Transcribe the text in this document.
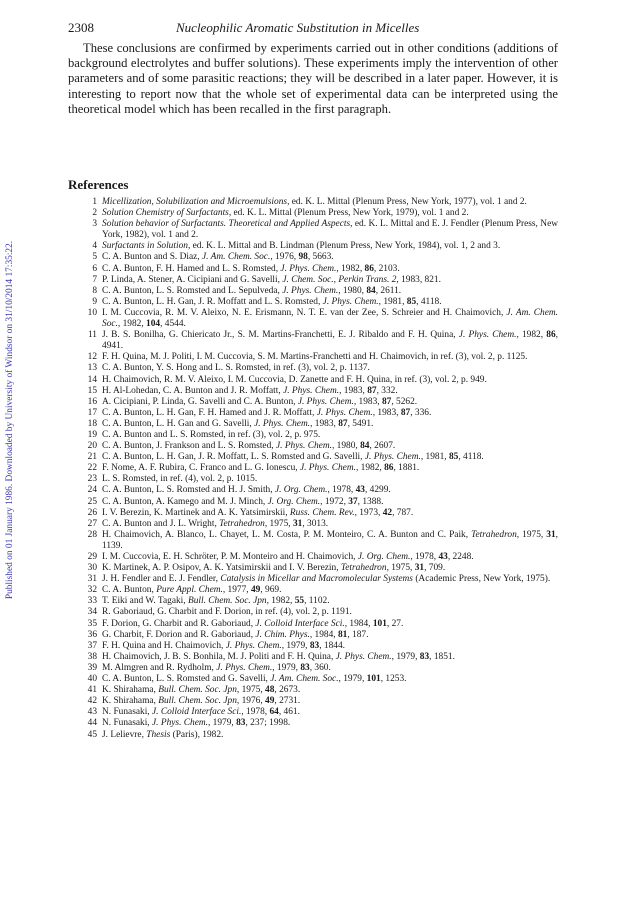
Published on 01 January 1986. Downloaded by University of Windsor on 31/10/2014 17:35:22.
2308	Nucleophilic Aromatic Substitution in Micelles

These conclusions are confirmed by experiments carried out in other conditions (additions of background electrolytes and buffer solutions). These experiments imply the intervention of other parameters and of some parasitic reactions; they will be described in a later paper. However, it is interesting to report now that the whole set of experimental data can be interpreted using the theoretical model which has been recalled in the first paragraph.

References
1 Micellization, Solubilization and Microemulsions, ed. K. L. Mittal (Plenum Press, New York, 1977), vol. 1 and 2.
2 Solution Chemistry of Surfactants, ed. K. L. Mittal (Plenum Press, New York, 1979), vol. 1 and 2.
3 Solution behavior of Surfactants. Theoretical and Applied Aspects, ed. K. L. Mittal and E. J. Fendler (Plenum Press, New York, 1982), vol. 1 and 2.
4 Surfactants in Solution, ed. K. L. Mittal and B. Lindman (Plenum Press, New York, 1984), vol. 1, 2 and 3.
5 C. A. Bunton and S. Diaz, J. Am. Chem. Soc., 1976, 98, 5663.
6 C. A. Bunton, F. H. Hamed and L. S. Romsted, J. Phys. Chem., 1982, 86, 2103.
7 P. Linda, A. Stener, A. Cicipiani and G. Savelli, J. Chem. Soc., Perkin Trans. 2, 1983, 821.
8 C. A. Bunton, L. S. Romsted and L. Sepulveda, J. Phys. Chem., 1980, 84, 2611.
9 C. A. Bunton, L. H. Gan, J. R. Moffatt and L. S. Romsted, J. Phys. Chem., 1981, 85, 4118.
10 I. M. Cuccovia, R. M. V. Aleixo, N. E. Erismann, N. T. E. van der Zee, S. Schreier and H. Chaimovich, J. Am. Chem. Soc., 1982, 104, 4544.
11 J. B. S. Bonilha, G. Chiericato Jr., S. M. Martins-Franchetti, E. J. Ribaldo and F. H. Quina, J. Phys. Chem., 1982, 86, 4941.
12 F. H. Quina, M. J. Politi, I. M. Cuccovia, S. M. Martins-Franchetti and H. Chaimovich, in ref. (3), vol. 2, p. 1125.
13 C. A. Bunton, Y. S. Hong and L. S. Romsted, in ref. (3), vol. 2, p. 1137.
14 H. Chaimovich, R. M. V. Aleixo, I. M. Cuccovia, D. Zanette and F. H. Quina, in ref. (3), vol. 2, p. 949.
15 H. Al-Lohedan, C. A. Bunton and J. R. Moffatt, J. Phys. Chem., 1983, 87, 332.
16 A. Cicipiani, P. Linda, G. Savelli and C. A. Bunton, J. Phys. Chem., 1983, 87, 5262.
17 C. A. Bunton, L. H. Gan, F. H. Hamed and J. R. Moffatt, J. Phys. Chem., 1983, 87, 336.
18 C. A. Bunton, L. H. Gan and G. Savelli, J. Phys. Chem., 1983, 87, 5491.
19 C. A. Bunton and L. S. Romsted, in ref. (3), vol. 2, p. 975.
20 C. A. Bunton, J. Frankson and L. S. Romsted, J. Phys. Chem., 1980, 84, 2607.
21 C. A. Bunton, L. H. Gan, J. R. Moffatt, L. S. Romsted and G. Savelli, J. Phys. Chem., 1981, 85, 4118.
22 F. Nome, A. F. Rubira, C. Franco and L. G. Ionescu, J. Phys. Chem., 1982, 86, 1881.
23 L. S. Romsted, in ref. (4), vol. 2, p. 1015.
24 C. A. Bunton, L. S. Romsted and H. J. Smith, J. Org. Chem., 1978, 43, 4299.
25 C. A. Bunton, A. Kamego and M. J. Minch, J. Org. Chem., 1972, 37, 1388.
26 I. V. Berezin, K. Martinek and A. K. Yatsimirskii, Russ. Chem. Rev., 1973, 42, 787.
27 C. A. Bunton and J. L. Wright, Tetrahedron, 1975, 31, 3013.
28 H. Chaimovich, A. Blanco, L. Chayet, L. M. Costa, P. M. Monteiro, C. A. Bunton and C. Paik, Tetrahedron, 1975, 31, 1139.
29 I. M. Cuccovia, E. H. Schröter, P. M. Monteiro and H. Chaimovich, J. Org. Chem., 1978, 43, 2248.
30 K. Martinek, A. P. Osipov, A. K. Yatsimirskii and I. V. Berezin, Tetrahedron, 1975, 31, 709.
31 J. H. Fendler and E. J. Fendler, Catalysis in Micellar and Macromolecular Systems (Academic Press, New York, 1975).
32 C. A. Bunton, Pure Appl. Chem., 1977, 49, 969.
33 T. Eiki and W. Tagaki, Bull. Chem. Soc. Jpn, 1982, 55, 1102.
34 R. Gaboriaud, G. Charbit and F. Dorion, in ref. (4), vol. 2, p. 1191.
35 F. Dorion, G. Charbit and R. Gaboriaud, J. Colloid Interface Sci., 1984, 101, 27.
36 G. Charbit, F. Dorion and R. Gaboriaud, J. Chim. Phys., 1984, 81, 187.
37 F. H. Quina and H. Chaimovich, J. Phys. Chem., 1979, 83, 1844.
38 H. Chaimovich, J. B. S. Bonhila, M. J. Politi and F. H. Quina, J. Phys. Chem., 1979, 83, 1851.
39 M. Almgren and R. Rydholm, J. Phys. Chem., 1979, 83, 360.
40 C. A. Bunton, L. S. Romsted and G. Savelli, J. Am. Chem. Soc., 1979, 101, 1253.
41 K. Shirahama, Bull. Chem. Soc. Jpn, 1975, 48, 2673.
42 K. Shirahama, Bull. Chem. Soc. Jpn, 1976, 49, 2731.
43 N. Funasaki, J. Colloid Interface Sci., 1978, 64, 461.
44 N. Funasaki, J. Phys. Chem., 1979, 83, 237; 1998.
45 J. Lelievre, Thesis (Paris), 1982.
